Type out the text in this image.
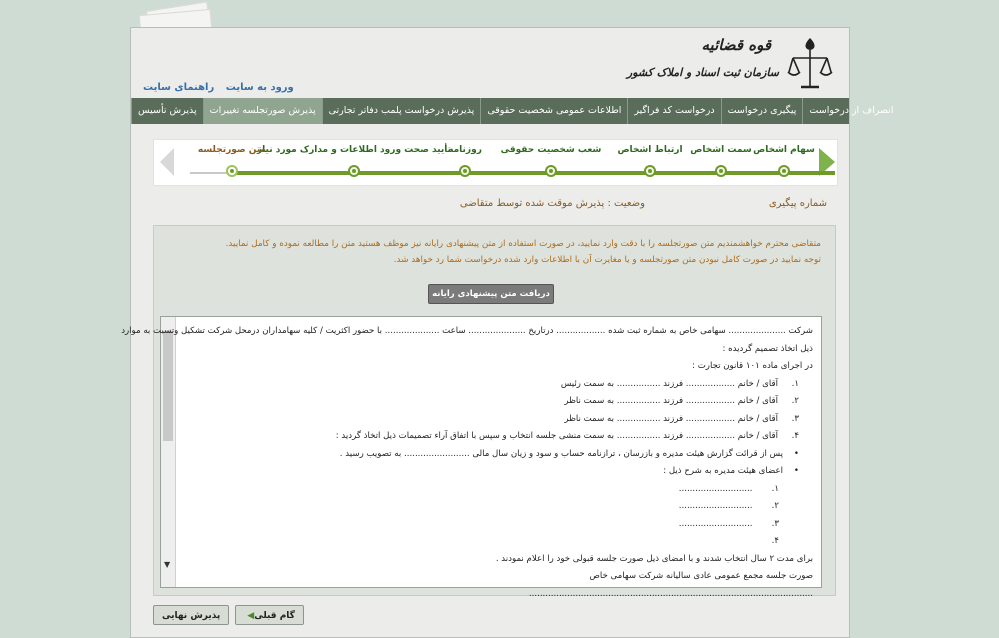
قوه قضائیه
سازمان ثبت اسناد و املاک کشور
ورود به سایت راهنمای سایت
پذیرش تأسیس	پذیرش صورتجلسه تغییرات	پذیرش درخواست پلمب دفاتر تجارتی	اطلاعات عمومی شخصیت حقوقی	درخواست کد فراگیر	پیگیری درخواست	انصراف از درخواست
سهام اشخاص
سمت اشخاص
ارتباط اشخاص
شعب شخصیت حقوقی
روزنامه
تأیید صحت ورود اطلاعات و مدارک مورد نیاز
متن صورتجلسه
شماره پیگیری
وضعیت : پذیرش موقت شده توسط متقاضی
متقاضی محترم خواهشمندیم متن صورتجلسه را با دقت وارد نمایید، در صورت استفاده از متن پیشنهادی رایانه نیز موظف هستید متن را مطالعه نموده و کامل نمایید.
توجه نمایید در صورت کامل نبودن متن صورتجلسه و یا مغایرت آن با اطلاعات وارد شده درخواست شما رد خواهد شد.
دریافت متن پیشنهادی رایانه
▼
شرکت ..................... سهامی خاص به شماره ثبت شده .................. درتاریخ ..................... ساعت .................... با حضور اکثریت / کلیه سهامداران درمحل شرکت تشکیل وتسبت به موارد
ذیل اتخاذ تصمیم گردیده :
در اجرای ماده ۱۰۱ قانون تجارت :
۱.     آقای / خانم .................. فرزند ................ به سمت رئیس
۲.     آقای / خانم .................. فرزند ................ به سمت ناظر
۳.     آقای / خانم .................. فرزند ................ به سمت ناظر
۴.     آقای / خانم .................. فرزند ................ به سمت منشی جلسه انتخاب و سپس با اتفاق آراء تصمیمات ذیل اتخاذ گردید :
•    پس از قرائت گزارش هیئت مدیره و بازرسان ، ترازنامه حساب و سود و زیان سال مالی ........................ به تصویب رسید .
•    اعضای هیئت مدیره به شرح ذیل :
۱.       ...........................
۲.       ...........................
۳.       ...........................
۴.
برای مدت ۲ سال انتخاب شدند و با امضای ذیل صورت جلسه قبولی خود را اعلام نمودند .
صورت جلسه مجمع عمومی عادی سالیانه شرکت سهامی خاص
........................................................................................................
پذیرش نهایی	◀گام قبلی
